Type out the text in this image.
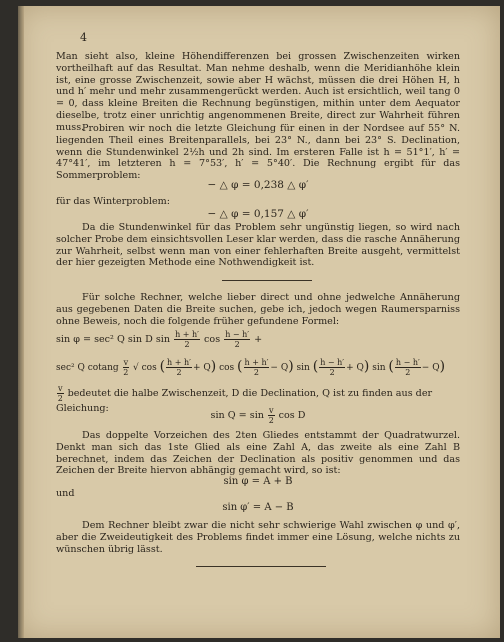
4

Man sieht also, kleine Höhendifferenzen bei grossen Zwischenzeiten wirken vortheilhaft auf das Resultat. Man nehme deshalb, wenn die Meridianhöhe klein ist, eine grosse Zwischenzeit, sowie aber H wächst, müssen die drei Höhen H, h und h′ mehr und mehr zusammengerückt werden. Auch ist ersichtlich, weil tang 0 = 0, dass kleine Breiten die Rechnung begünstigen, mithin unter dem Aequator dieselbe, trotz einer unrichtig angenommenen Breite, direct zur Wahrheit führen muss.

Probiren wir noch die letzte Gleichung für einen in der Nordsee auf 55° N. liegenden Theil eines Breitenparallels, bei 23° N., dann bei 23° S. Declination, wenn die Stundenwinkel 2½h und 2h sind. Im ersteren Falle ist h = 51°1′, h′ = 47°41′, im letzteren h = 7°53′, h′ = 5°40′. Die Rechnung ergibt für das Sommerproblem:

− △ φ = 0,238 △ φ′

für das Winterproblem:

− △ φ = 0,157 △ φ′

Da die Stundenwinkel für das Problem sehr ungünstig liegen, so wird nach solcher Probe dem einsichtsvollen Leser klar werden, dass die rasche Annäherung zur Wahrheit, selbst wenn man von einer fehlerhaften Breite ausgeht, vermittelst der hier gezeigten Methode eine Nothwendigkeit ist.

Für solche Rechner, welche lieber direct und ohne jedwelche Annäherung aus gegebenen Daten die Breite suchen, gebe ich, jedoch wegen Raumersparniss ohne Beweis, noch die folgende früher gefundene Formel:

sin φ = sec² Q sin D $\sin \frac{h + h'}{2}$ $\cos \frac{h - h'}{2}$ +
sec² Q cotang $\frac{v}{2}$ √ cos ( $\frac{h + h'}{2} + Q$) cos ( $\frac{h + h'}{2} - Q$) sin ( $\frac{h - h'}{2} + Q$) sin ( $\frac{h - h'}{2} - Q$)
$\frac{v}{2}$ bedeutet die halbe Zwischenzeit, D die Declination, Q ist zu finden aus der Gleichung:
$\sin Q = \sin \frac{v}{2}$ cos D

Das doppelte Vorzeichen des 2ten Gliedes entstammt der Quadratwurzel. Denkt man sich das 1ste Glied als eine Zahl A, das zweite als eine Zahl B berechnet, indem das Zeichen der Declination als positiv genommen und das Zeichen der Breite hiervon abhängig gemacht wird, so ist:

sin φ = A + B

und

sin φ′ = A − B

Dem Rechner bleibt zwar die nicht sehr schwierige Wahl zwischen φ und φ′, aber die Zweideutigkeit des Problems findet immer eine Lösung, welche nichts zu wünschen übrig lässt.
